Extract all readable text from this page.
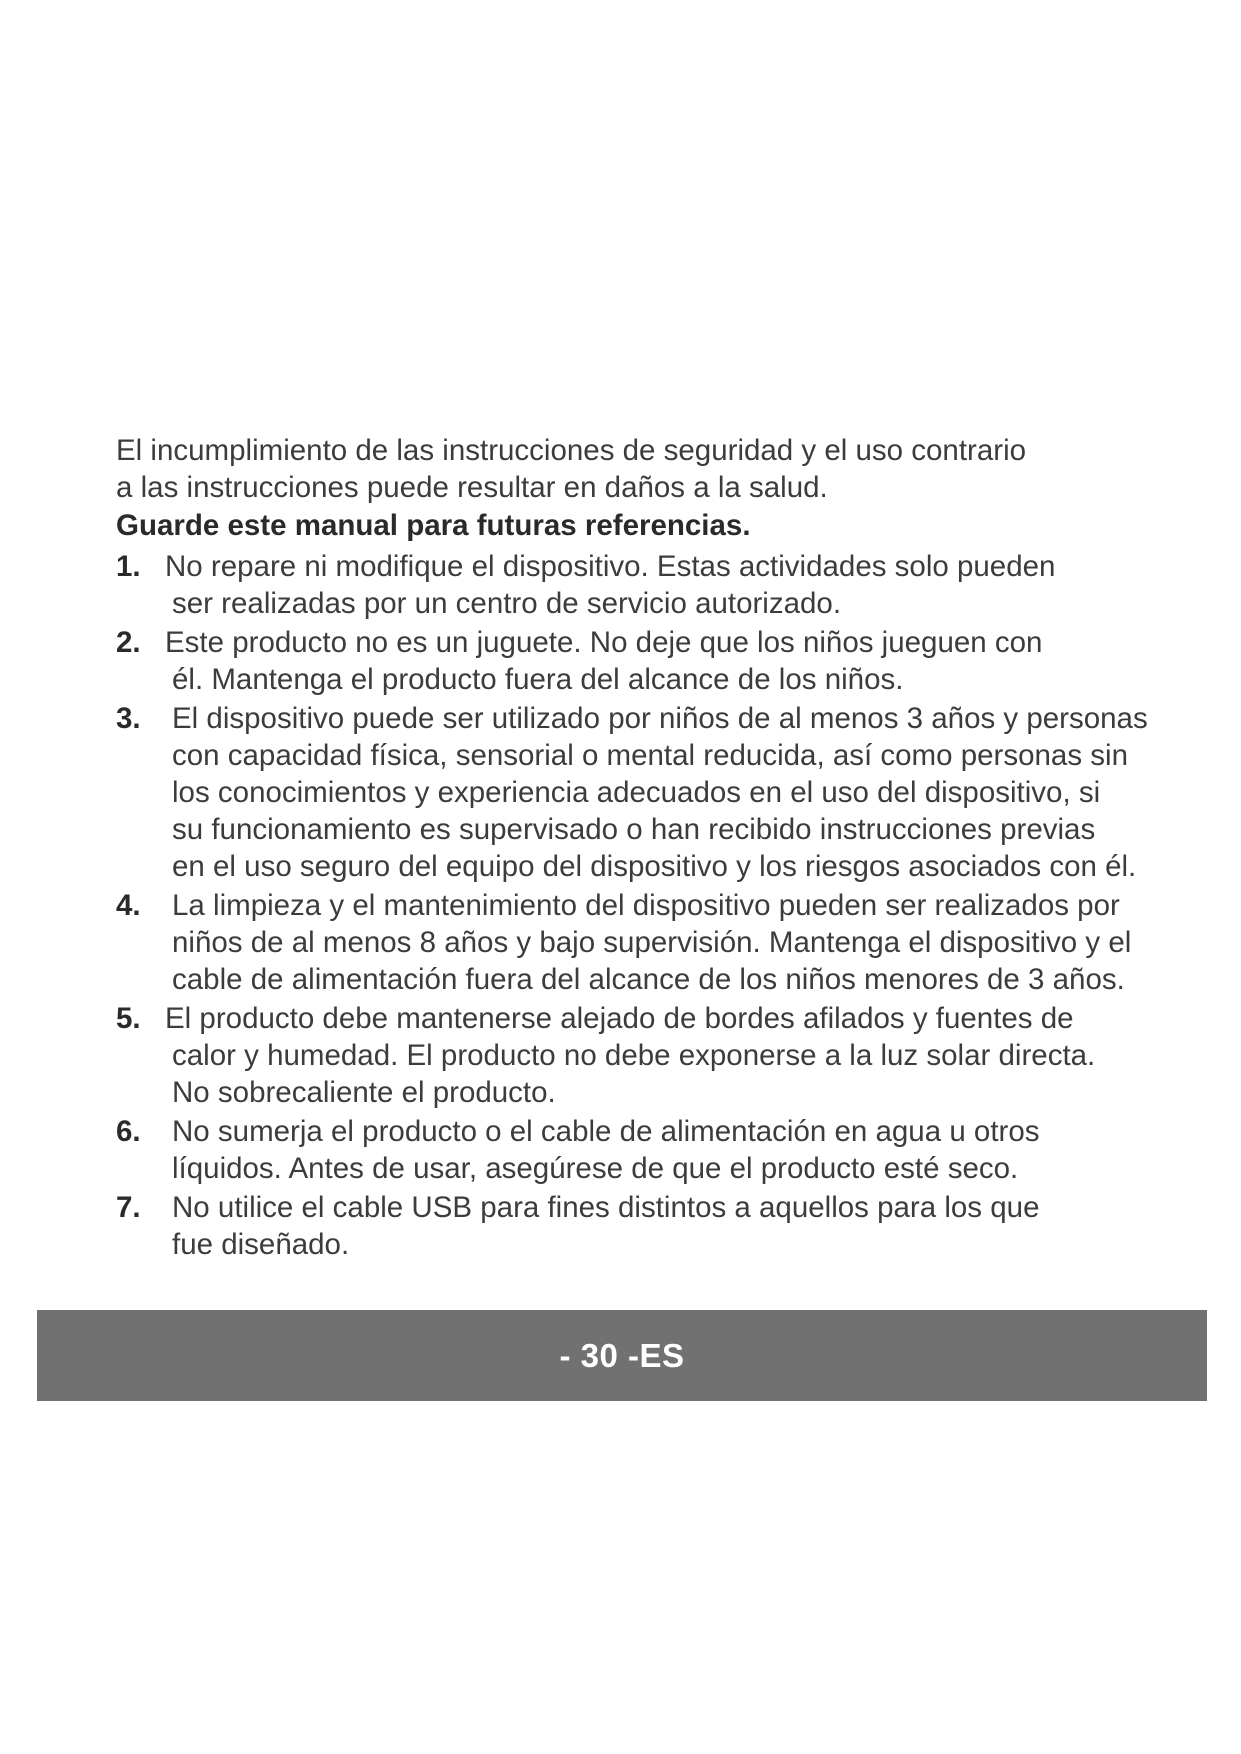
El incumplimiento de las instrucciones de seguridad y el uso contrario
a las instrucciones puede resultar en daños a la salud.
Guarde este manual para futuras referencias.
1. No repare ni modifique el dispositivo. Estas actividades solo pueden
ser realizadas por un centro de servicio autorizado.
2. Este producto no es un juguete. No deje que los niños jueguen con
él. Mantenga el producto fuera del alcance de los niños.
3. El dispositivo puede ser utilizado por niños de al menos 3 años y personas
con capacidad física, sensorial o mental reducida, así como personas sin
los conocimientos y experiencia adecuados en el uso del dispositivo, si
su funcionamiento es supervisado o han recibido instrucciones previas
en el uso seguro del equipo del dispositivo y los riesgos asociados con él.
4. La limpieza y el mantenimiento del dispositivo pueden ser realizados por
niños de al menos 8 años y bajo supervisión. Mantenga el dispositivo y el
cable de alimentación fuera del alcance de los niños menores de 3 años.
5. El producto debe mantenerse alejado de bordes afilados y fuentes de
calor y humedad. El producto no debe exponerse a la luz solar directa.
No sobrecaliente el producto.
6. No sumerja el producto o el cable de alimentación en agua u otros
líquidos. Antes de usar, asegúrese de que el producto esté seco.
7. No utilice el cable USB para fines distintos a aquellos para los que
fue diseñado.
- 30 -ES
